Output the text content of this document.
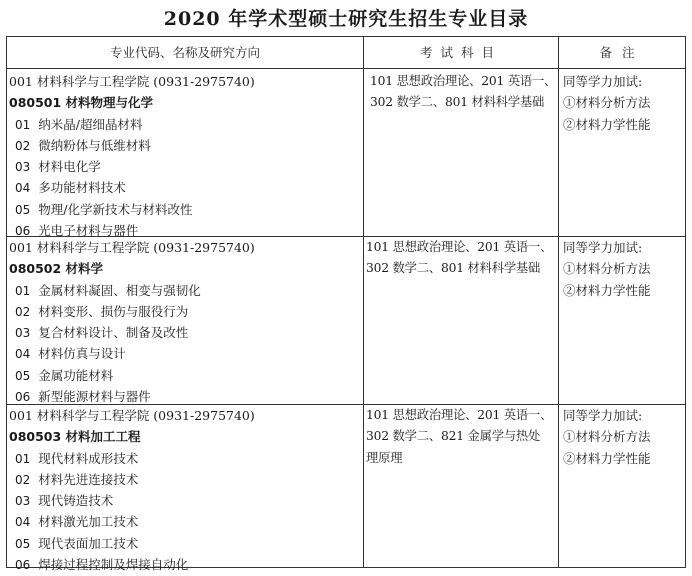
2020 年学术型硕士研究生招生专业目录
专业代码、名称及研究方向	考试科目	备注
001 材料科学与工程学院 (0931-2975740)
080501 材料物理与化学
01 纳米晶/超细晶材料
02 微纳粉体与低维材料
03 材料电化学
04 多功能材料技术
05 物理/化学新技术与材料改性
06 光电子材料与器件
101 思想政治理论、201 英语一、
302 数学二、801 材料科学基础
同等学力加试:
①材料分析方法
②材料力学性能
001 材料科学与工程学院 (0931-2975740)
080502 材料学
01 金属材料凝固、相变与强韧化
02 材料变形、损伤与服役行为
03 复合材料设计、制备及改性
04 材料仿真与设计
05 金属功能材料
06 新型能源材料与器件
101 思想政治理论、201 英语一、
302 数学二、801 材料科学基础
同等学力加试:
①材料分析方法
②材料力学性能
001 材料科学与工程学院 (0931-2975740)
080503 材料加工工程
01 现代材料成形技术
02 材料先进连接技术
03 现代铸造技术
04 材料激光加工技术
05 现代表面加工技术
06 焊接过程控制及焊接自动化
101 思想政治理论、201 英语一、
302 数学二、821 金属学与热处
理原理
同等学力加试:
①材料分析方法
②材料力学性能
